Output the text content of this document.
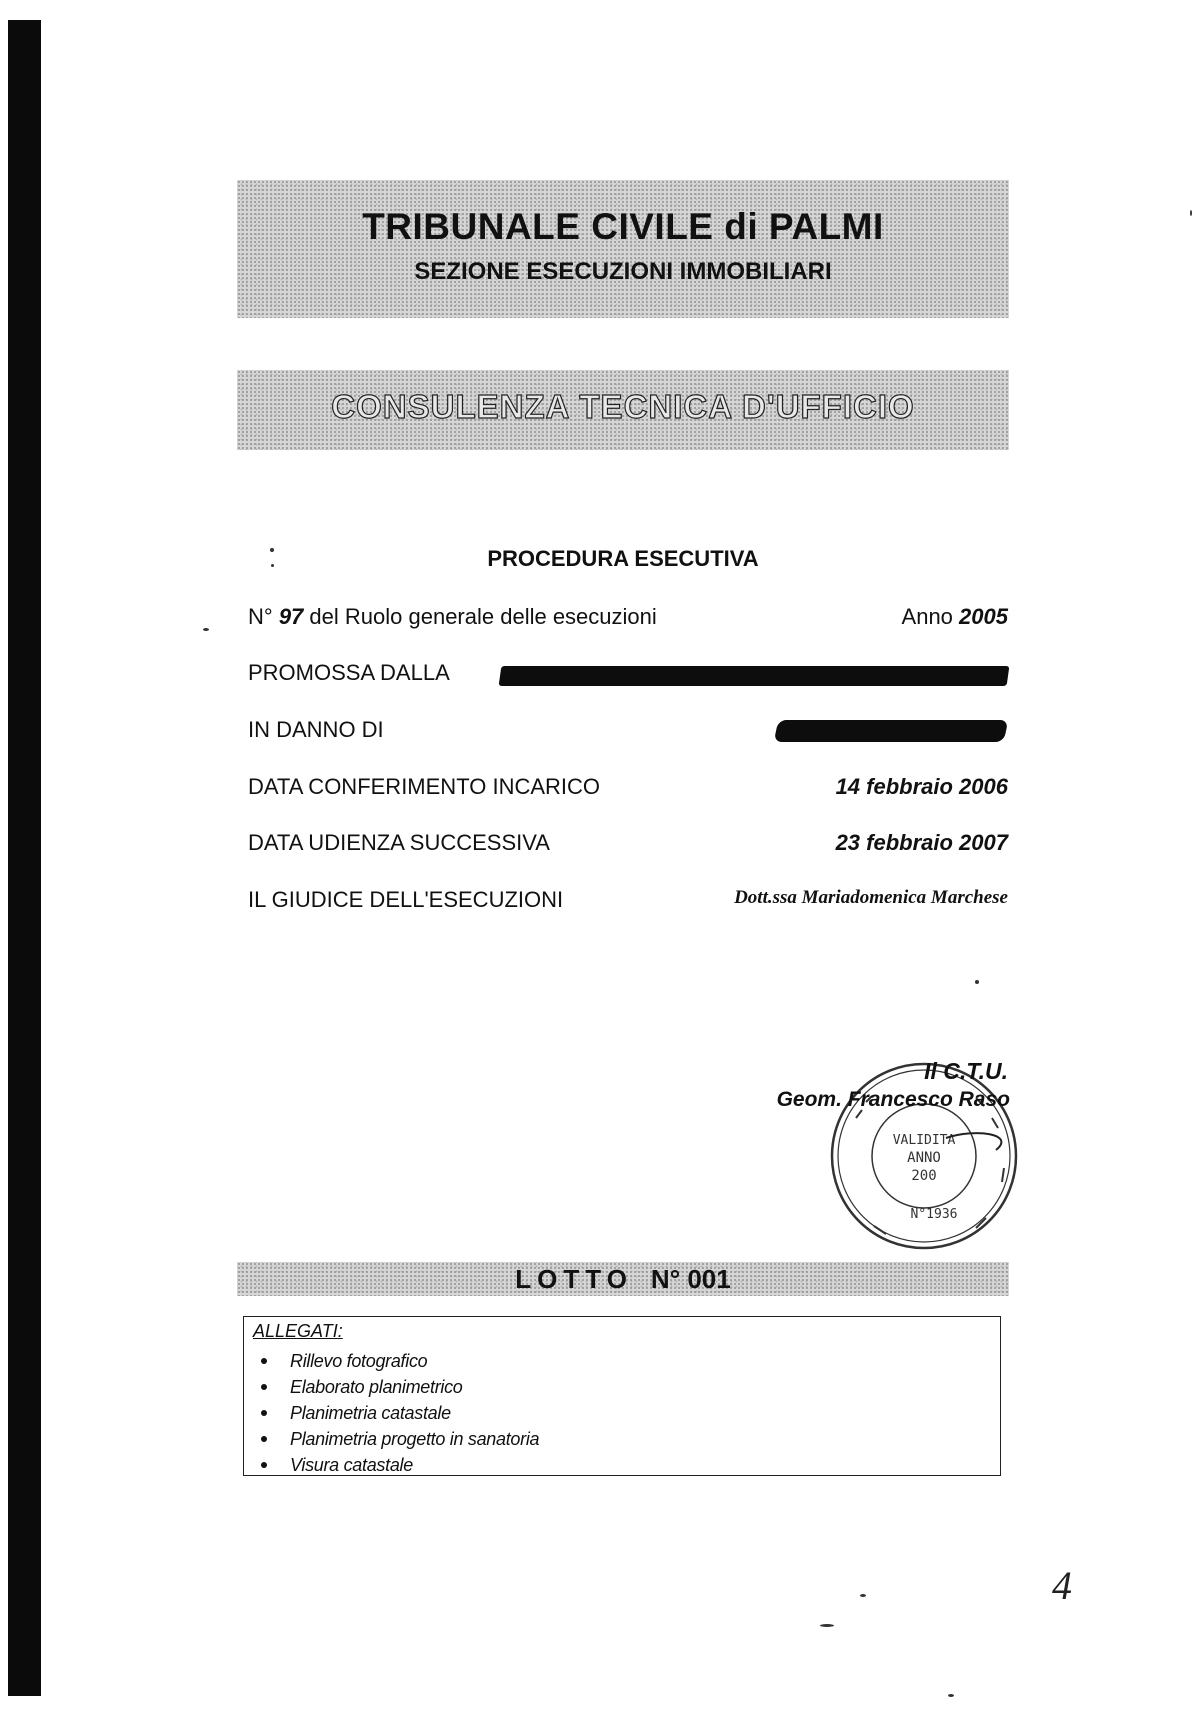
TRIBUNALE CIVILE di PALMI
SEZIONE ESECUZIONI IMMOBILIARI
CONSULENZA TECNICA D'UFFICIO
PROCEDURA ESECUTIVA
N° 97 del Ruolo generale delle esecuzioni	Anno 2005
PROMOSSA DALLA
IN DANNO DI
DATA CONFERIMENTO INCARICO	14 febbraio 2006
DATA UDIENZA SUCCESSIVA	23 febbraio 2007
IL GIUDICE DELL'ESECUZIONI	Dott.ssa Mariadomenica Marchese
VALIDITA
ANNO
200
N°1936
Il C.T.U.
Geom. Francesco Raso
LOTTO N° 001
ALLEGATI:
Rillevo fotografico
Elaborato planimetrico
Planimetria catastale
Planimetria progetto in sanatoria
Visura catastale
4
